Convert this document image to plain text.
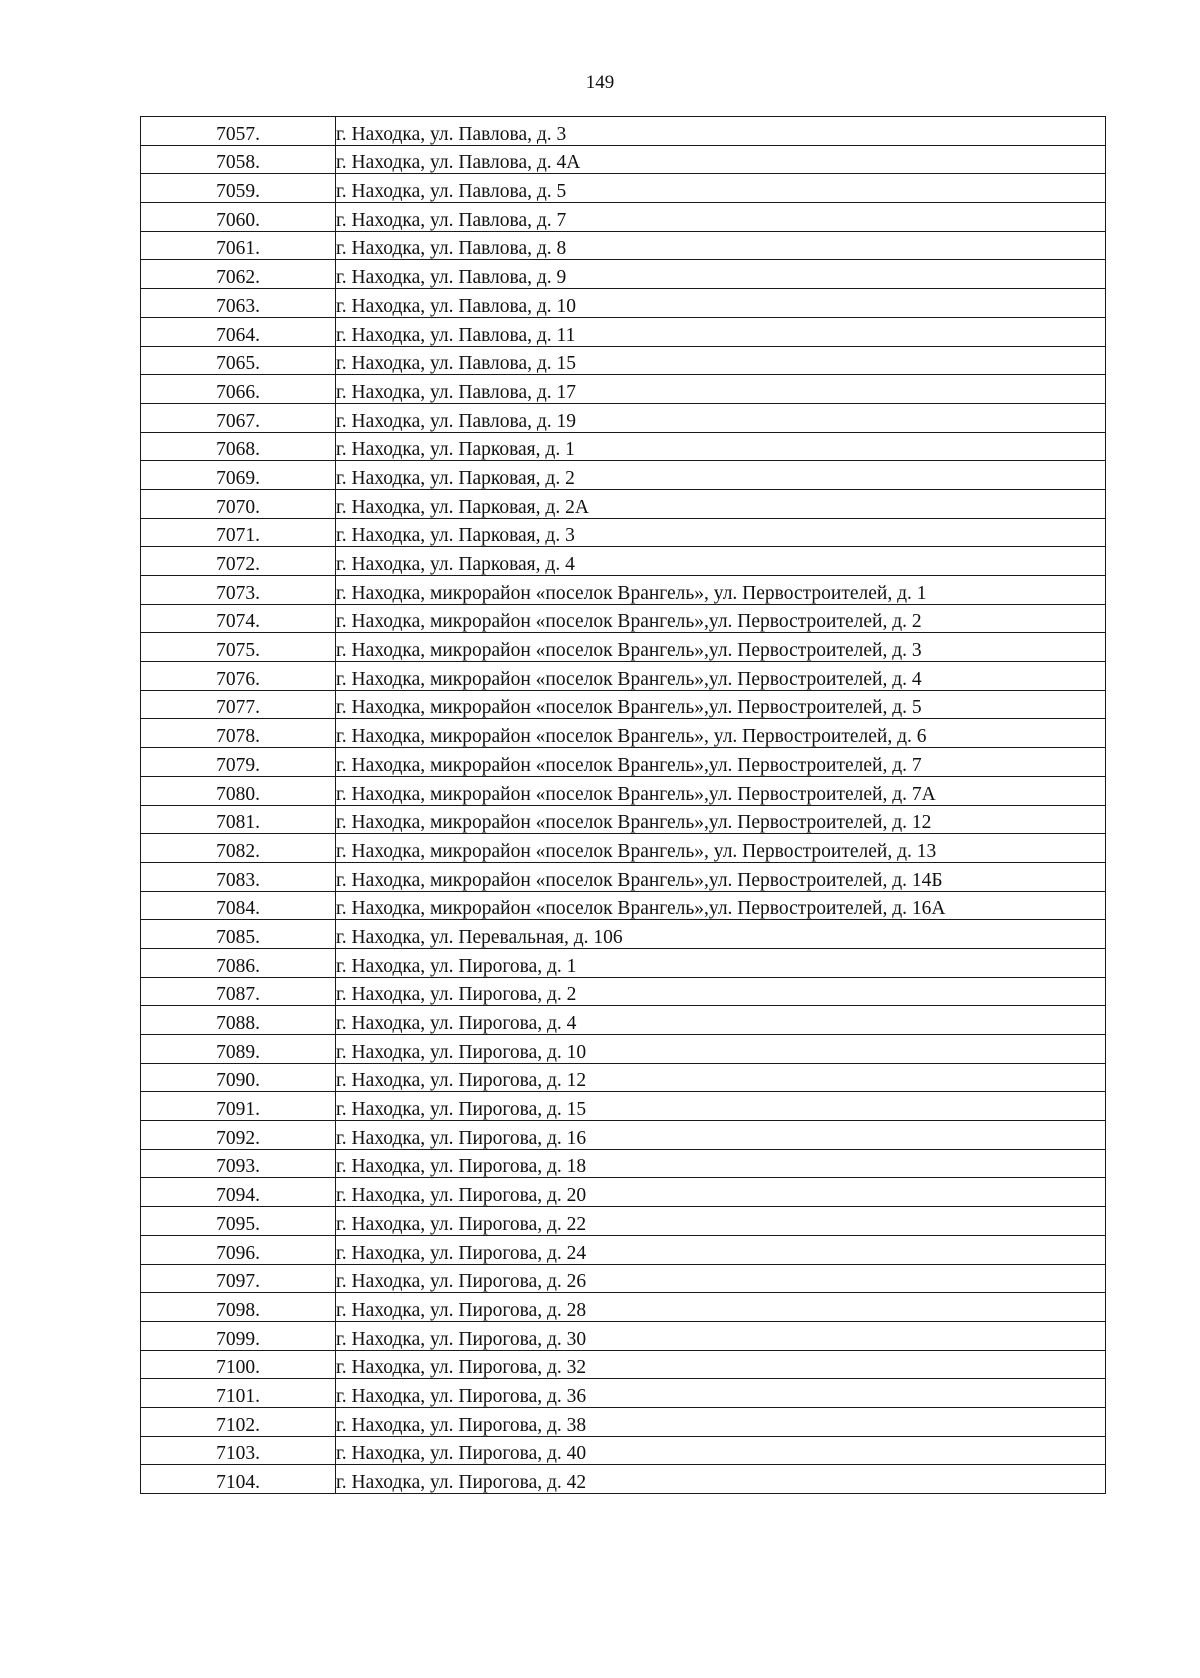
149
7057.	г. Находка, ул. Павлова, д. 3
7058.	г. Находка, ул. Павлова, д. 4А
7059.	г. Находка, ул. Павлова, д. 5
7060.	г. Находка, ул. Павлова, д. 7
7061.	г. Находка, ул. Павлова, д. 8
7062.	г. Находка, ул. Павлова, д. 9
7063.	г. Находка, ул. Павлова, д. 10
7064.	г. Находка, ул. Павлова, д. 11
7065.	г. Находка, ул. Павлова, д. 15
7066.	г. Находка, ул. Павлова, д. 17
7067.	г. Находка, ул. Павлова, д. 19
7068.	г. Находка, ул. Парковая, д. 1
7069.	г. Находка, ул. Парковая, д. 2
7070.	г. Находка, ул. Парковая, д. 2А
7071.	г. Находка, ул. Парковая, д. 3
7072.	г. Находка, ул. Парковая, д. 4
7073.	г. Находка, микрорайон «поселок Врангель», ул. Первостроителей, д. 1
7074.	г. Находка, микрорайон «поселок Врангель»,ул. Первостроителей, д. 2
7075.	г. Находка, микрорайон «поселок Врангель»,ул. Первостроителей, д. 3
7076.	г. Находка, микрорайон «поселок Врангель»,ул. Первостроителей, д. 4
7077.	г. Находка, микрорайон «поселок Врангель»,ул. Первостроителей, д. 5
7078.	г. Находка, микрорайон «поселок Врангель», ул. Первостроителей, д. 6
7079.	г. Находка, микрорайон «поселок Врангель»,ул. Первостроителей, д. 7
7080.	г. Находка, микрорайон «поселок Врангель»,ул. Первостроителей, д. 7А
7081.	г. Находка, микрорайон «поселок Врангель»,ул. Первостроителей, д. 12
7082.	г. Находка, микрорайон «поселок Врангель», ул. Первостроителей, д. 13
7083.	г. Находка, микрорайон «поселок Врангель»,ул. Первостроителей, д. 14Б
7084.	г. Находка, микрорайон «поселок Врангель»,ул. Первостроителей, д. 16А
7085.	г. Находка, ул. Перевальная, д. 106
7086.	г. Находка, ул. Пирогова, д. 1
7087.	г. Находка, ул. Пирогова, д. 2
7088.	г. Находка, ул. Пирогова, д. 4
7089.	г. Находка, ул. Пирогова, д. 10
7090.	г. Находка, ул. Пирогова, д. 12
7091.	г. Находка, ул. Пирогова, д. 15
7092.	г. Находка, ул. Пирогова, д. 16
7093.	г. Находка, ул. Пирогова, д. 18
7094.	г. Находка, ул. Пирогова, д. 20
7095.	г. Находка, ул. Пирогова, д. 22
7096.	г. Находка, ул. Пирогова, д. 24
7097.	г. Находка, ул. Пирогова, д. 26
7098.	г. Находка, ул. Пирогова, д. 28
7099.	г. Находка, ул. Пирогова, д. 30
7100.	г. Находка, ул. Пирогова, д. 32
7101.	г. Находка, ул. Пирогова, д. 36
7102.	г. Находка, ул. Пирогова, д. 38
7103.	г. Находка, ул. Пирогова, д. 40
7104.	г. Находка, ул. Пирогова, д. 42
